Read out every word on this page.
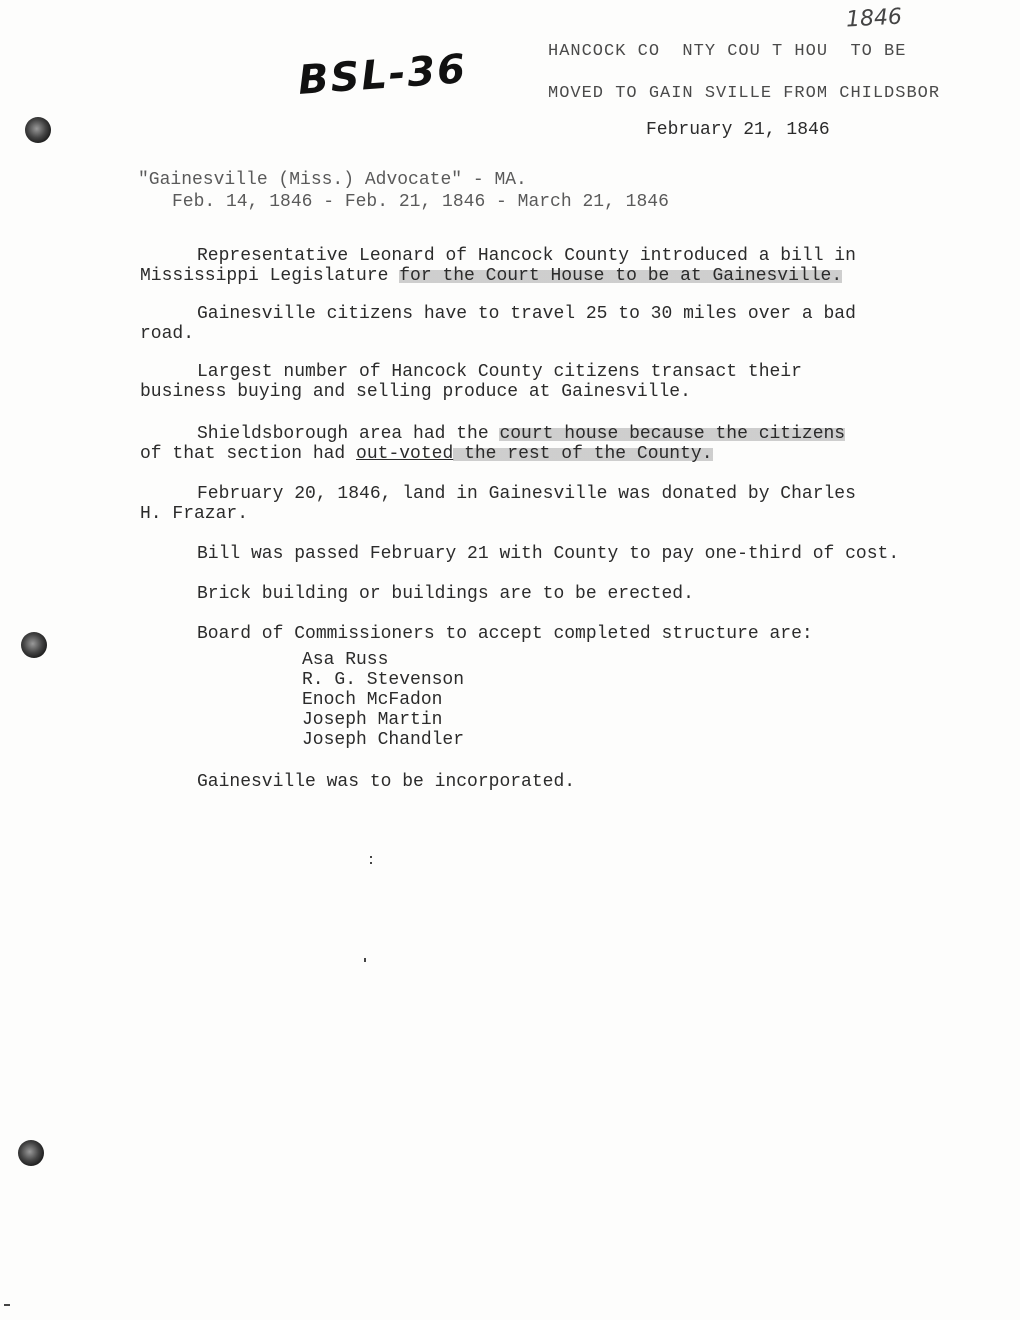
BSL-36
1846
HANCOCK CO  NTY COU T HOU  TO BE
MOVED TO GAIN SVILLE FROM CHILDSBOR
February 21, 1846
"Gainesville (Miss.) Advocate" - MA.
Feb. 14, 1846 - Feb. 21, 1846 - March 21, 1846
Representative Leonard of Hancock County introduced a bill in
Mississippi Legislature for the Court House to be at Gainesville.
Gainesville citizens have to travel 25 to 30 miles over a bad
road.
Largest number of Hancock County citizens transact their
business buying and selling produce at Gainesville.
Shieldsborough area had the court house because the citizens
of that section had out-voted the rest of the County.
February 20, 1846, land in Gainesville was donated by Charles
H. Frazar.
Bill was passed February 21 with County to pay one-third of cost.
Brick building or buildings are to be erected.
Board of Commissioners to accept completed structure are:
Asa Russ
R. G. Stevenson
Enoch McFadon
Joseph Martin
Joseph Chandler
Gainesville was to be incorporated.
